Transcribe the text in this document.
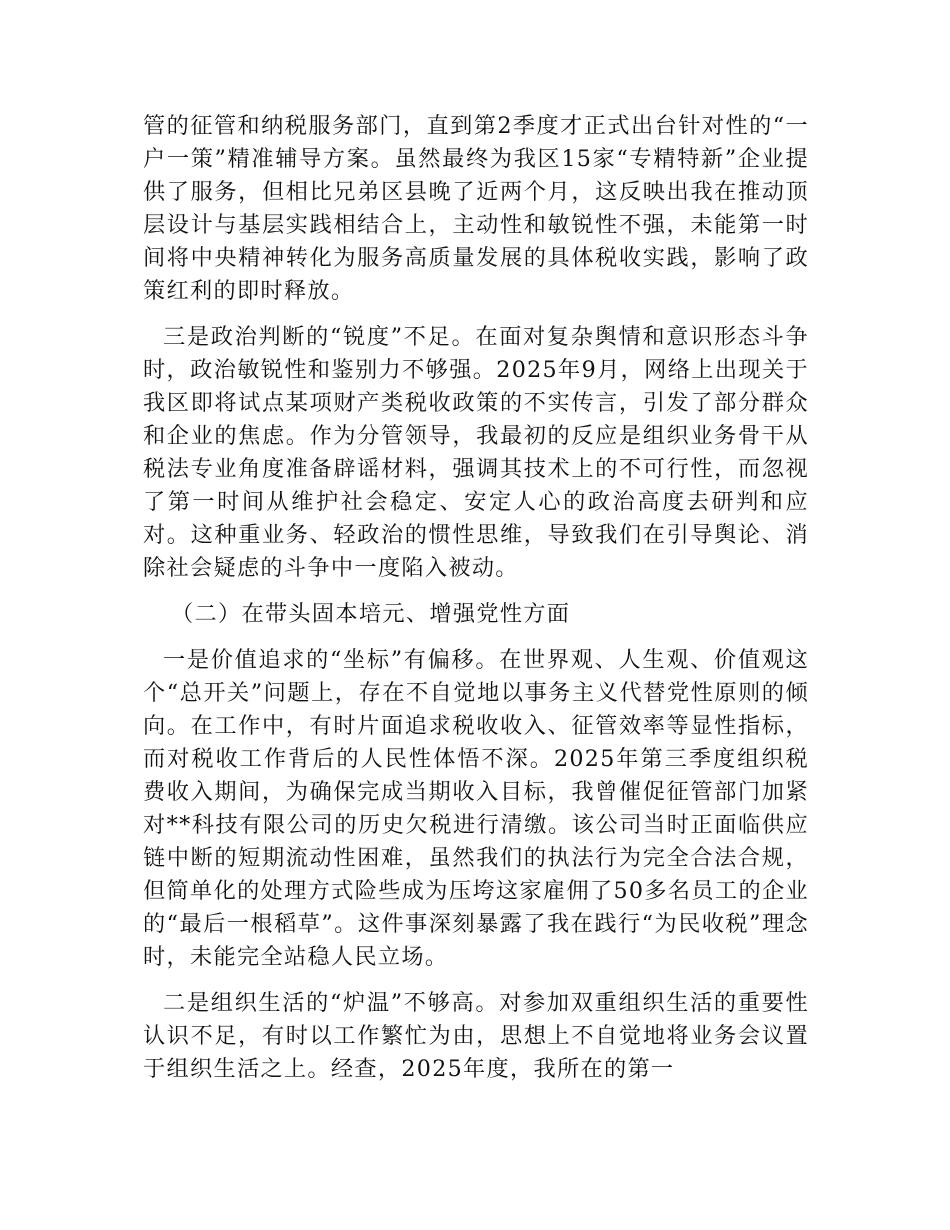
管的征管和纳税服务部门，直到第2季度才正式出台针对性的“一户一策”精准辅导方案。虽然最终为我区15家“专精特新”企业提供了服务，但相比兄弟区县晚了近两个月，这反映出我在推动顶层设计与基层实践相结合上，主动性和敏锐性不强，未能第一时间将中央精神转化为服务高质量发展的具体税收实践，影响了政策红利的即时释放。

三是政治判断的“锐度”不足。在面对复杂舆情和意识形态斗争时，政治敏锐性和鉴别力不够强。2025年9月，网络上出现关于我区即将试点某项财产类税收政策的不实传言，引发了部分群众和企业的焦虑。作为分管领导，我最初的反应是组织业务骨干从税法专业角度准备辟谣材料，强调其技术上的不可行性，而忽视了第一时间从维护社会稳定、安定人心的政治高度去研判和应对。这种重业务、轻政治的惯性思维，导致我们在引导舆论、消除社会疑虑的斗争中一度陷入被动。

（二）在带头固本培元、增强党性方面

一是价值追求的“坐标”有偏移。在世界观、人生观、价值观这个“总开关”问题上，存在不自觉地以事务主义代替党性原则的倾向。在工作中，有时片面追求税收收入、征管效率等显性指标，而对税收工作背后的人民性体悟不深。2025年第三季度组织税费收入期间，为确保完成当期收入目标，我曾催促征管部门加紧对**科技有限公司的历史欠税进行清缴。该公司当时正面临供应链中断的短期流动性困难，虽然我们的执法行为完全合法合规，但简单化的处理方式险些成为压垮这家雇佣了50多名员工的企业的“最后一根稻草”。这件事深刻暴露了我在践行“为民收税”理念时，未能完全站稳人民立场。

二是组织生活的“炉温”不够高。对参加双重组织生活的重要性认识不足，有时以工作繁忙为由，思想上不自觉地将业务会议置于组织生活之上。经查，2025年度，我所在的第一
